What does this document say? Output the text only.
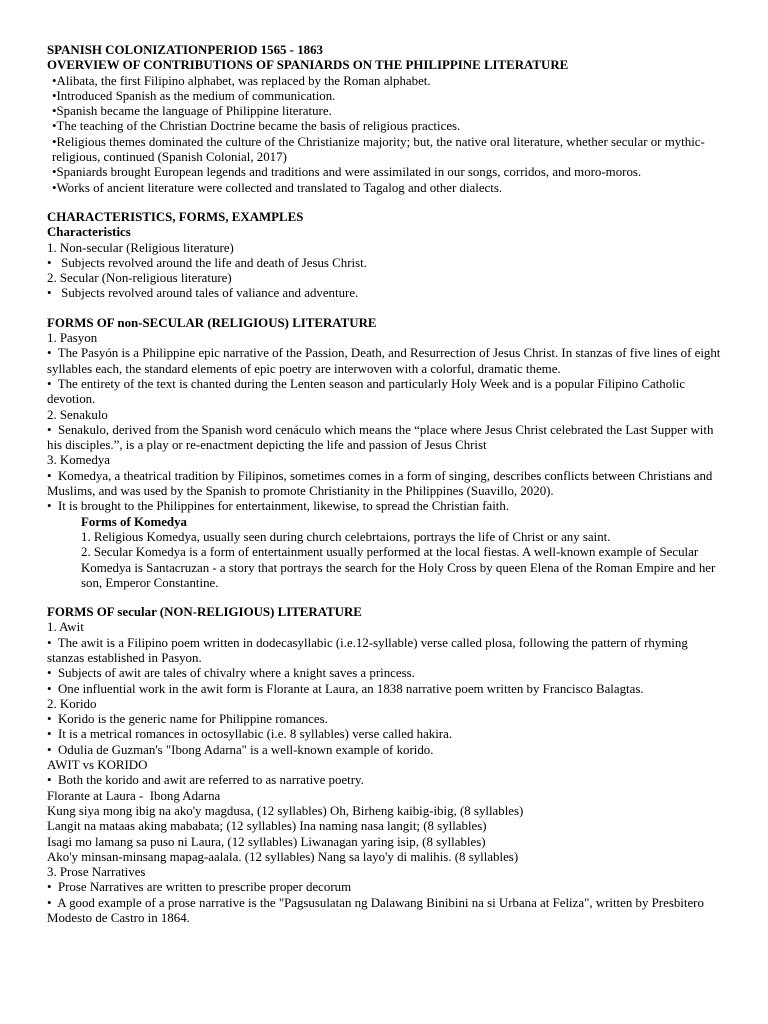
SPANISH COLONIZATIONPERIOD 1565 - 1863

OVERVIEW OF CONTRIBUTIONS OF SPANIARDS ON THE PHILIPPINE LITERATURE

•Alibata, the first Filipino alphabet, was replaced by the Roman alphabet.

•Introduced Spanish as the medium of communication.

•Spanish became the language of Philippine literature.

•The teaching of the Christian Doctrine became the basis of religious practices.

•Religious themes dominated the culture of the Christianize majority; but, the native oral literature, whether secular or mythic-religious, continued (Spanish Colonial, 2017)

•Spaniards brought European legends and traditions and were assimilated in our songs, corridos, and moro-moros.

•Works of ancient literature were collected and translated to Tagalog and other dialects.

CHARACTERISTICS, FORMS, EXAMPLES

Characteristics

1. Non-secular (Religious literature)

•   Subjects revolved around the life and death of Jesus Christ.

2. Secular (Non-religious literature)

•   Subjects revolved around tales of valiance and adventure.

FORMS OF non-SECULAR (RELIGIOUS) LITERATURE

1. Pasyon

•  The Pasyón is a Philippine epic narrative of the Passion, Death, and Resurrection of Jesus Christ. In stanzas of five lines of eight syllables each, the standard elements of epic poetry are interwoven with a colorful, dramatic theme.

•  The entirety of the text is chanted during the Lenten season and particularly Holy Week and is a popular Filipino Catholic devotion.

2. Senakulo

•  Senakulo, derived from the Spanish word cenáculo which means the “place where Jesus Christ celebrated the Last Supper with his disciples.”, is a play or re-enactment depicting the life and passion of Jesus Christ

3. Komedya

•  Komedya, a theatrical tradition by Filipinos, sometimes comes in a form of singing, describes conflicts between Christians and Muslims, and was used by the Spanish to promote Christianity in the Philippines (Suavillo, 2020).

•  It is brought to the Philippines for entertainment, likewise, to spread the Christian faith.

Forms of Komedya

1. Religious Komedya, usually seen during church celebrtaions, portrays the life of Christ or any saint.

2. Secular Komedya is a form of entertainment usually performed at the local fiestas. A well-known example of Secular Komedya is Santacruzan - a story that portrays the search for the Holy Cross by queen Elena of the Roman Empire and her son, Emperor Constantine.

FORMS OF secular (NON-RELIGIOUS) LITERATURE

1. Awit

•  The awit is a Filipino poem written in dodecasyllabic (i.e.12-syllable) verse called plosa, following the pattern of rhyming stanzas established in Pasyon.

•  Subjects of awit are tales of chivalry where a knight saves a princess.

•  One influential work in the awit form is Florante at Laura, an 1838 narrative poem written by Francisco Balagtas.

2. Korido

•  Korido is the generic name for Philippine romances.

•  It is a metrical romances in octosyllabic (i.e. 8 syllables) verse called hakira.

•  Odulia de Guzman's "Ibong Adarna" is a well-known example of korido.

AWIT vs KORIDO

•  Both the korido and awit are referred to as narrative poetry.

Florante at Laura -  Ibong Adarna

Kung siya mong ibig na ako'y magdusa, (12 syllables) Oh, Birheng kaibig-ibig, (8 syllables)

Langit na mataas aking mababata; (12 syllables) Ina naming nasa langit; (8 syllables)

Isagi mo lamang sa puso ni Laura, (12 syllables) Liwanagan yaring isip, (8 syllables)

Ako'y minsan-minsang mapag-aalala. (12 syllables) Nang sa layo'y di malihis. (8 syllables)

3. Prose Narratives

•  Prose Narratives are written to prescribe proper decorum

•  A good example of a prose narrative is the "Pagsusulatan ng Dalawang Binibini na si Urbana at Feliza", written by Presbitero Modesto de Castro in 1864.
